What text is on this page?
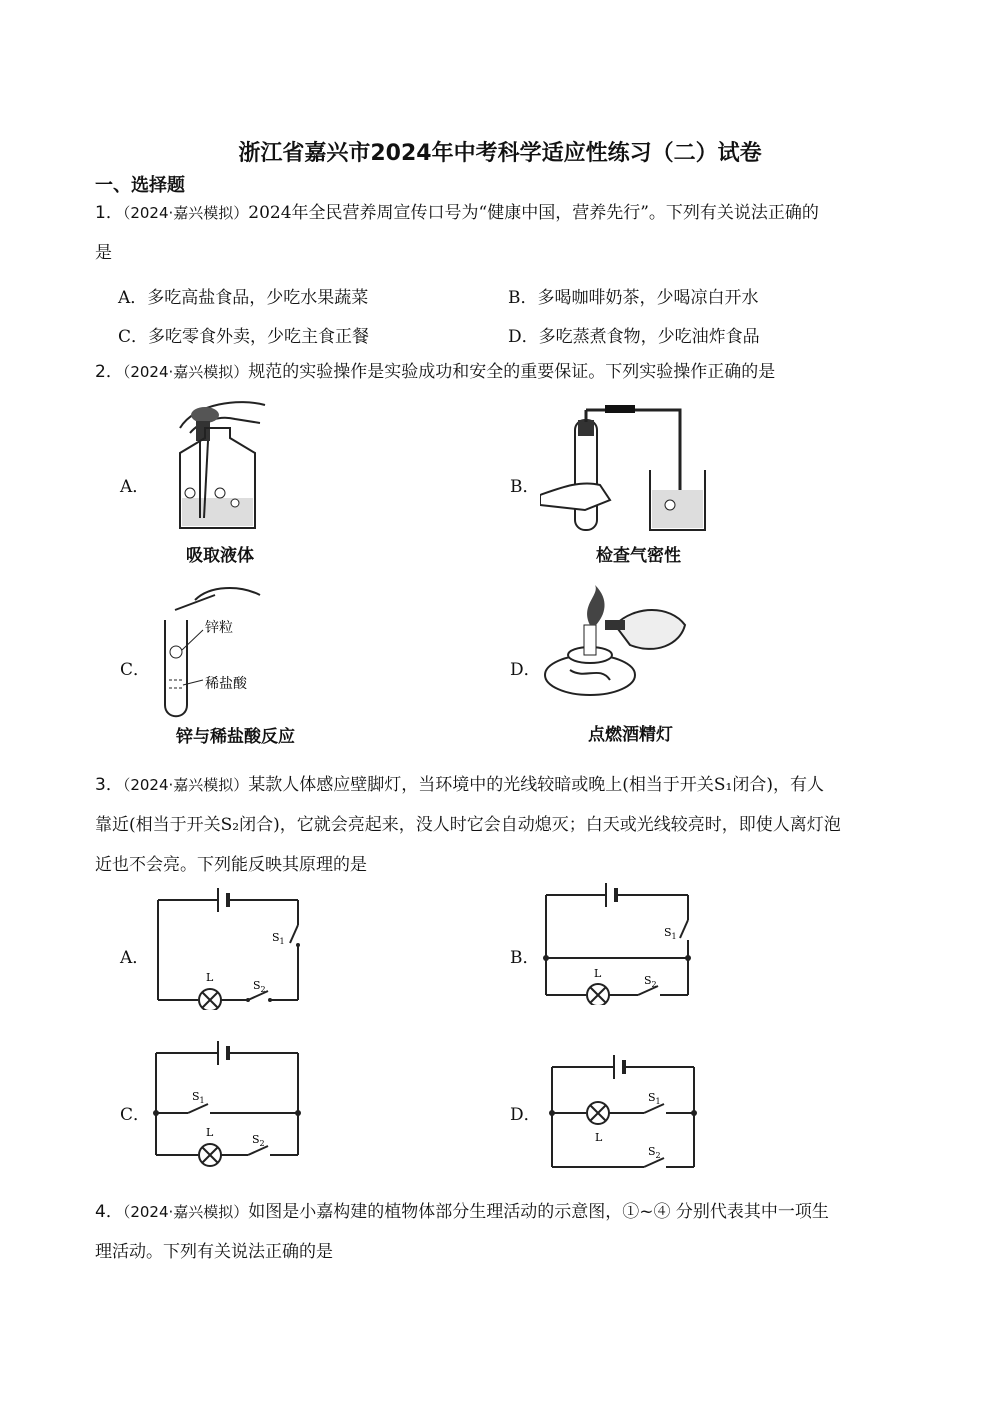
浙江省嘉兴市2024年中考科学适应性练习（二）试卷
一、选择题
1．（2024·嘉兴模拟）2024年全民营养周宣传口号为“健康中国，营养先行”。下列有关说法正确的
是
A．多吃高盐食品，少吃水果蔬菜	B．多喝咖啡奶茶，少喝凉白开水
C．多吃零食外卖，少吃主食正餐	D．多吃蒸煮食物，少吃油炸食品
2．（2024·嘉兴模拟）规范的实验操作是实验成功和安全的重要保证。下列实验操作正确的是
A．	B．
C．	D．
吸取液体	检查气密性
锌粒
稀盐酸
锌与稀盐酸反应	点燃酒精灯
3．（2024·嘉兴模拟）某款人体感应壁脚灯，当环境中的光线较暗或晚上(相当于开关S₁闭合)，有人
靠近(相当于开关S₂闭合)，它就会亮起来，没人时它会自动熄灭；白天或光线较亮时，即使人离灯泡
近也不会亮。下列能反映其原理的是
A．	B．
C．	D．
$S_1$
$S_2$
L
$S_1$
$S_2$
L
$S_1$
$S_2$
L
$S_1$
$S_2$
L
4．（2024·嘉兴模拟）如图是小嘉构建的植物体部分生理活动的示意图，①~④ 分别代表其中一项生
理活动。下列有关说法正确的是
